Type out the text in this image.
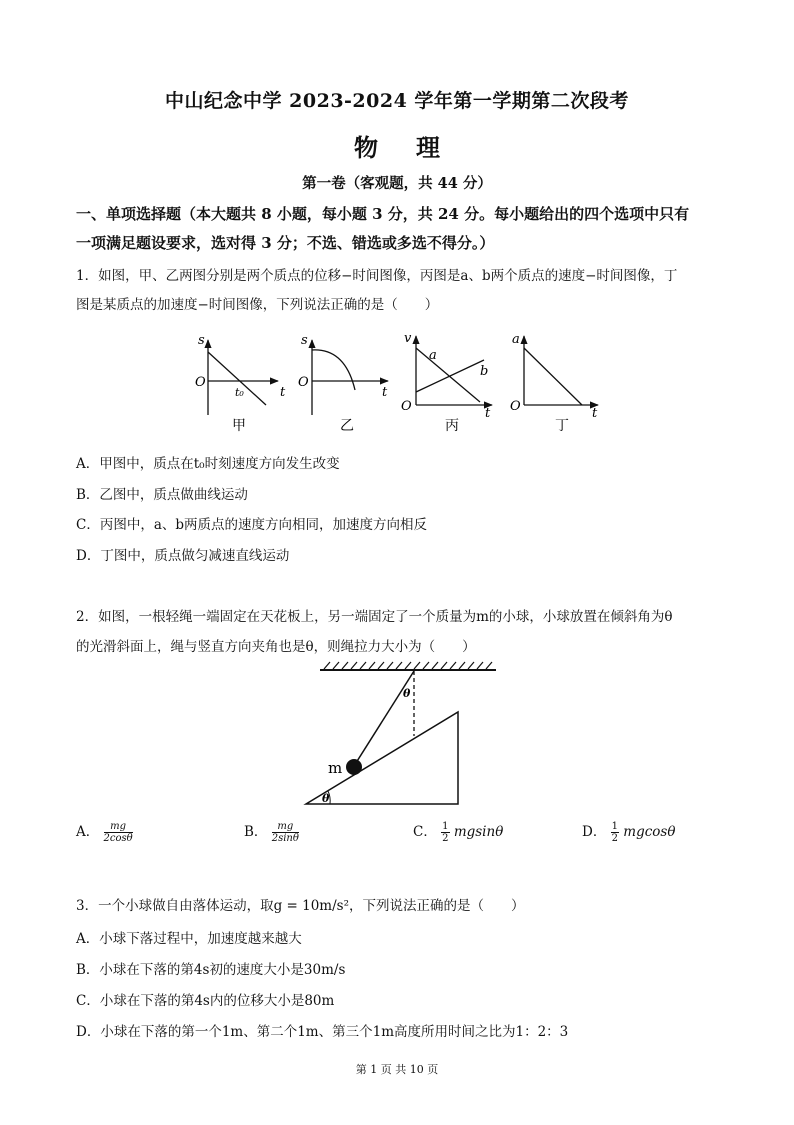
中山纪念中学 2023-2024 学年第一学期第二次段考
物理
第一卷（客观题，共 44 分）
一、单项选择题（本大题共 8 小题，每小题 3 分，共 24 分。每小题给出的四个选项中只有
一项满足题设要求，选对得 3 分；不选、错选或多选不得分。）
1．如图，甲、乙两图分别是两个质点的位移−时间图像，丙图是a、b两个质点的速度−时间图像，丁
图是某质点的加速度−时间图像，下列说法正确的是（　　）
s
O
t₀	t
甲
s
O
t
乙
v
a
b
O	t
丙
a
O	t
丁
A．甲图中，质点在t₀时刻速度方向发生改变
B．乙图中，质点做曲线运动
C．丙图中，a、b两质点的速度方向相同，加速度方向相反
D．丁图中，质点做匀减速直线运动
2．如图，一根轻绳一端固定在天花板上，另一端固定了一个质量为m的小球，小球放置在倾斜角为θ
的光滑斜面上，绳与竖直方向夹角也是θ，则绳拉力大小为（　　）
m
θ
θ
A． $\frac{mg}{2\cos\theta}$	B． $\frac{mg}{2\sin\theta}$	C． $\frac{1}{2}$ mgsinθ	D． $\frac{1}{2}$ mgcosθ
3．一个小球做自由落体运动，取g = 10m/s²，下列说法正确的是（　　）
A．小球下落过程中，加速度越来越大
B．小球在下落的第4s初的速度大小是30m/s
C．小球在下落的第4s内的位移大小是80m
D．小球在下落的第一个1m、第二个1m、第三个1m高度所用时间之比为1：2：3
第 1 页 共 10 页
